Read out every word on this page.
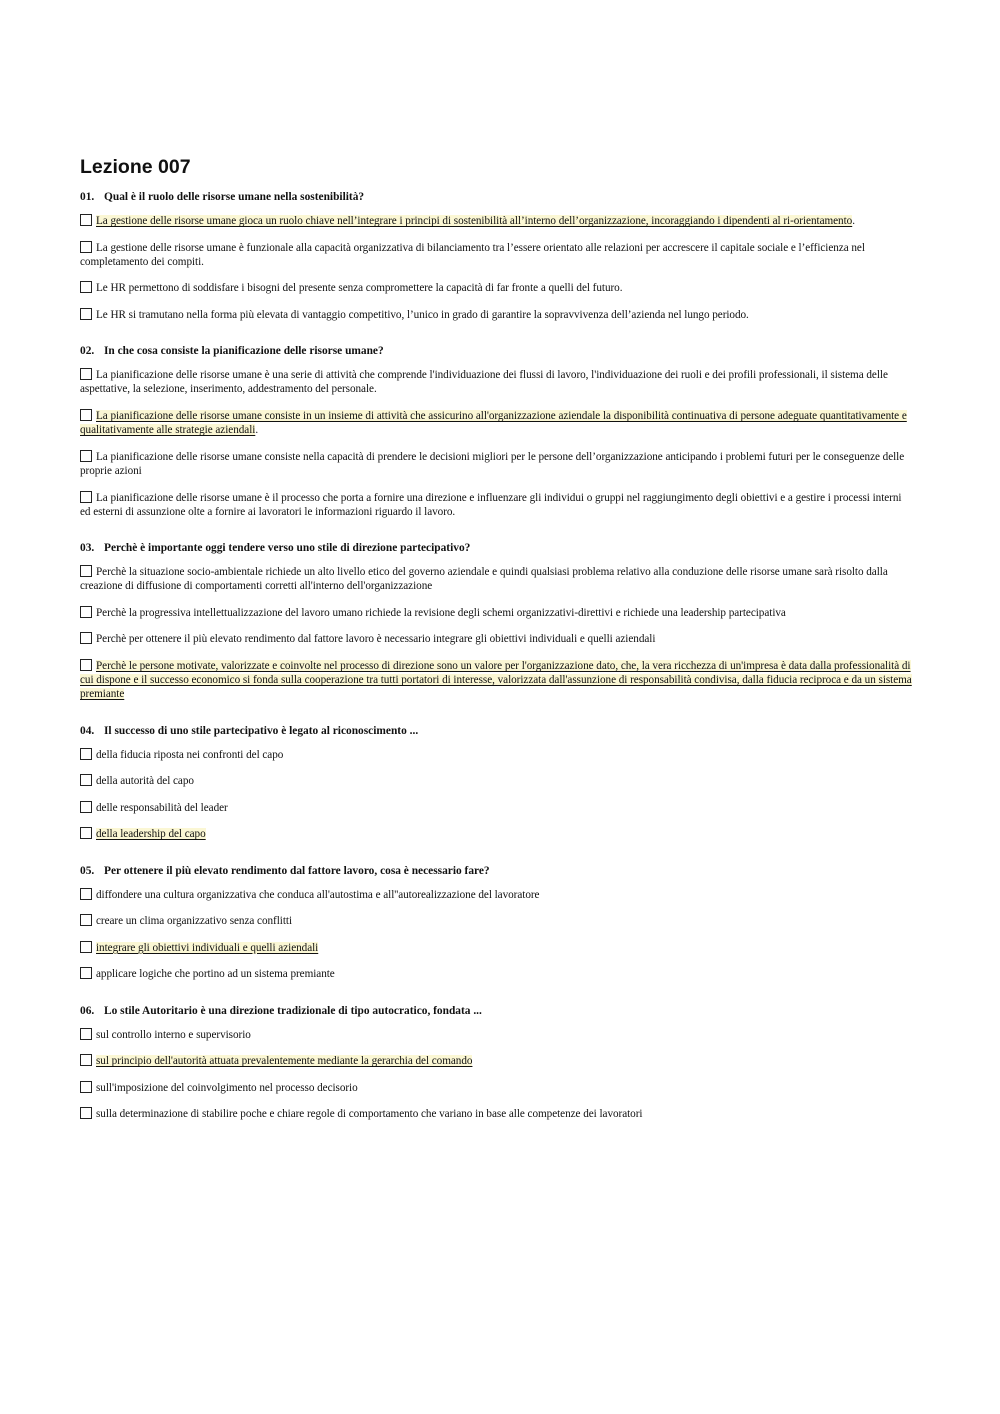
Lezione 007
01. Qual è il ruolo delle risorse umane nella sostenibilità?
La gestione delle risorse umane gioca un ruolo chiave nell’integrare i principi di sostenibilità all’interno dell’organizzazione, incoraggiando i dipendenti al ri-orientamento.
La gestione delle risorse umane è funzionale alla capacità organizzativa di bilanciamento tra l’essere orientato alle relazioni per accrescere il capitale sociale e l’efficienza nel completamento dei compiti.
Le HR permettono di soddisfare i bisogni del presente senza compromettere la capacità di far fronte a quelli del futuro.
Le HR si tramutano nella forma più elevata di vantaggio competitivo, l’unico in grado di garantire la sopravvivenza dell’azienda nel lungo periodo.
02. In che cosa consiste la pianificazione delle risorse umane?
La pianificazione delle risorse umane è una serie di attività che comprende l'individuazione dei flussi di lavoro, l'individuazione dei ruoli e dei profili professionali, il sistema delle aspettative, la selezione, inserimento, addestramento del personale.
La pianificazione delle risorse umane consiste in un insieme di attività che assicurino all'organizzazione aziendale la disponibilità continuativa di persone adeguate quantitativamente e qualitativamente alle strategie aziendali.
La pianificazione delle risorse umane consiste nella capacità di prendere le decisioni migliori per le persone dell’organizzazione anticipando i problemi futuri per le conseguenze delle proprie azioni
La pianificazione delle risorse umane è il processo che porta a fornire una direzione e influenzare gli individui o gruppi nel raggiungimento degli obiettivi e a gestire i processi interni ed esterni di assunzione olte a fornire ai lavoratori le informazioni riguardo il lavoro.
03. Perchè è importante oggi tendere verso uno stile di direzione partecipativo?
Perchè la situazione socio-ambientale richiede un alto livello etico del governo aziendale e quindi qualsiasi problema relativo alla conduzione delle risorse umane sarà risolto dalla creazione di diffusione di comportamenti corretti all'interno dell'organizzazione
Perchè la progressiva intellettualizzazione del lavoro umano richiede la revisione degli schemi organizzativi-direttivi e richiede una leadership partecipativa
Perchè per ottenere il più elevato rendimento dal fattore lavoro è necessario integrare gli obiettivi individuali e quelli aziendali
Perchè le persone motivate, valorizzate e coinvolte nel processo di direzione sono un valore per l'organizzazione dato, che, la vera ricchezza di un'impresa è data dalla professionalità di cui dispone e il successo economico si fonda sulla cooperazione tra tutti portatori di interesse, valorizzata dall'assunzione di responsabilità condivisa, dalla fiducia reciproca e da un sistema premiante
04. Il successo di uno stile partecipativo è legato al riconoscimento ...
della fiducia riposta nei confronti del capo
della autorità del capo
delle responsabilità del leader
della leadership del capo
05. Per ottenere il più elevato rendimento dal fattore lavoro, cosa è necessario fare?
diffondere una cultura organizzativa che conduca all'autostima e all''autorealizzazione del lavoratore
creare un clima organizzativo senza conflitti
integrare gli obiettivi individuali e quelli aziendali
applicare logiche che portino ad un sistema premiante
06. Lo stile Autoritario è una direzione tradizionale di tipo autocratico, fondata ...
sul controllo interno e supervisorio
sul principio dell'autorità attuata prevalentemente mediante la gerarchia del comando
sull'imposizione del coinvolgimento nel processo decisorio
sulla determinazione di stabilire poche e chiare regole di comportamento che variano in base alle competenze dei lavoratori
